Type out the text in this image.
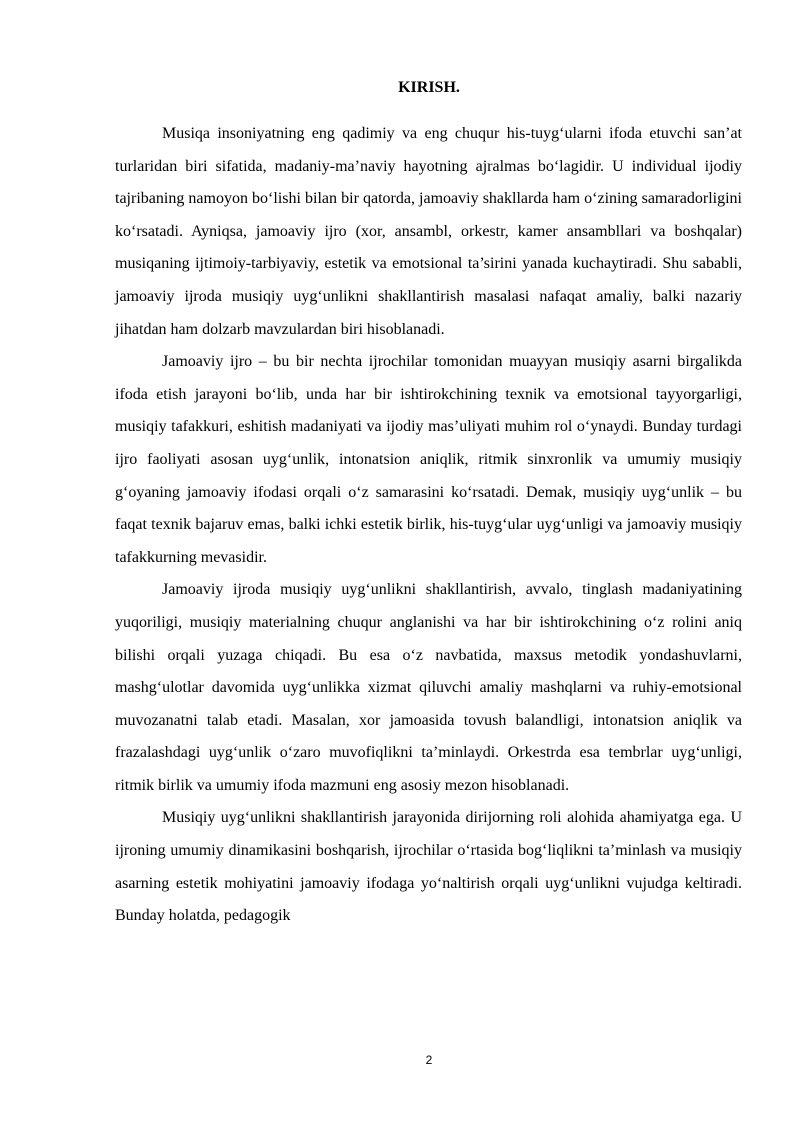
KIRISH.

Musiqa insoniyatning eng qadimiy va eng chuqur his-tuyg‘ularni ifoda etuvchi san’at turlaridan biri sifatida, madaniy-ma’naviy hayotning ajralmas bo‘lagidir. U individual ijodiy tajribaning namoyon bo‘lishi bilan bir qatorda, jamoaviy shakllarda ham o‘zining samaradorligini ko‘rsatadi. Ayniqsa, jamoaviy ijro (xor, ansambl, orkestr, kamer ansambllari va boshqalar) musiqaning ijtimoiy-tarbiyaviy, estetik va emotsional ta’sirini yanada kuchaytiradi. Shu sababli, jamoaviy ijroda musiqiy uyg‘unlikni shakllantirish masalasi nafaqat amaliy, balki nazariy jihatdan ham dolzarb mavzulardan biri hisoblanadi.

Jamoaviy ijro – bu bir nechta ijrochilar tomonidan muayyan musiqiy asarni birgalikda ifoda etish jarayoni bo‘lib, unda har bir ishtirokchining texnik va emotsional tayyorgarligi, musiqiy tafakkuri, eshitish madaniyati va ijodiy mas’uliyati muhim rol o‘ynaydi. Bunday turdagi ijro faoliyati asosan uyg‘unlik, intonatsion aniqlik, ritmik sinxronlik va umumiy musiqiy g‘oyaning jamoaviy ifodasi orqali o‘z samarasini ko‘rsatadi. Demak, musiqiy uyg‘unlik – bu faqat texnik bajaruv emas, balki ichki estetik birlik, his-tuyg‘ular uyg‘unligi va jamoaviy musiqiy tafakkurning mevasidir.

Jamoaviy ijroda musiqiy uyg‘unlikni shakllantirish, avvalo, tinglash madaniyatining yuqoriligi, musiqiy materialning chuqur anglanishi va har bir ishtirokchining o‘z rolini aniq bilishi orqali yuzaga chiqadi. Bu esa o‘z navbatida, maxsus metodik yondashuvlarni, mashg‘ulotlar davomida uyg‘unlikka xizmat qiluvchi amaliy mashqlarni va ruhiy-emotsional muvozanatni talab etadi. Masalan, xor jamoasida tovush balandligi, intonatsion aniqlik va frazalashdagi uyg‘unlik o‘zaro muvofiqlikni ta’minlaydi. Orkestrda esa tembrlar uyg‘unligi, ritmik birlik va umumiy ifoda mazmuni eng asosiy mezon hisoblanadi.

Musiqiy uyg‘unlikni shakllantirish jarayonida dirijorning roli alohida ahamiyatga ega. U ijroning umumiy dinamikasini boshqarish, ijrochilar o‘rtasida bog‘liqlikni ta’minlash va musiqiy asarning estetik mohiyatini jamoaviy ifodaga yo‘naltirish orqali uyg‘unlikni vujudga keltiradi. Bunday holatda, pedagogik

2
